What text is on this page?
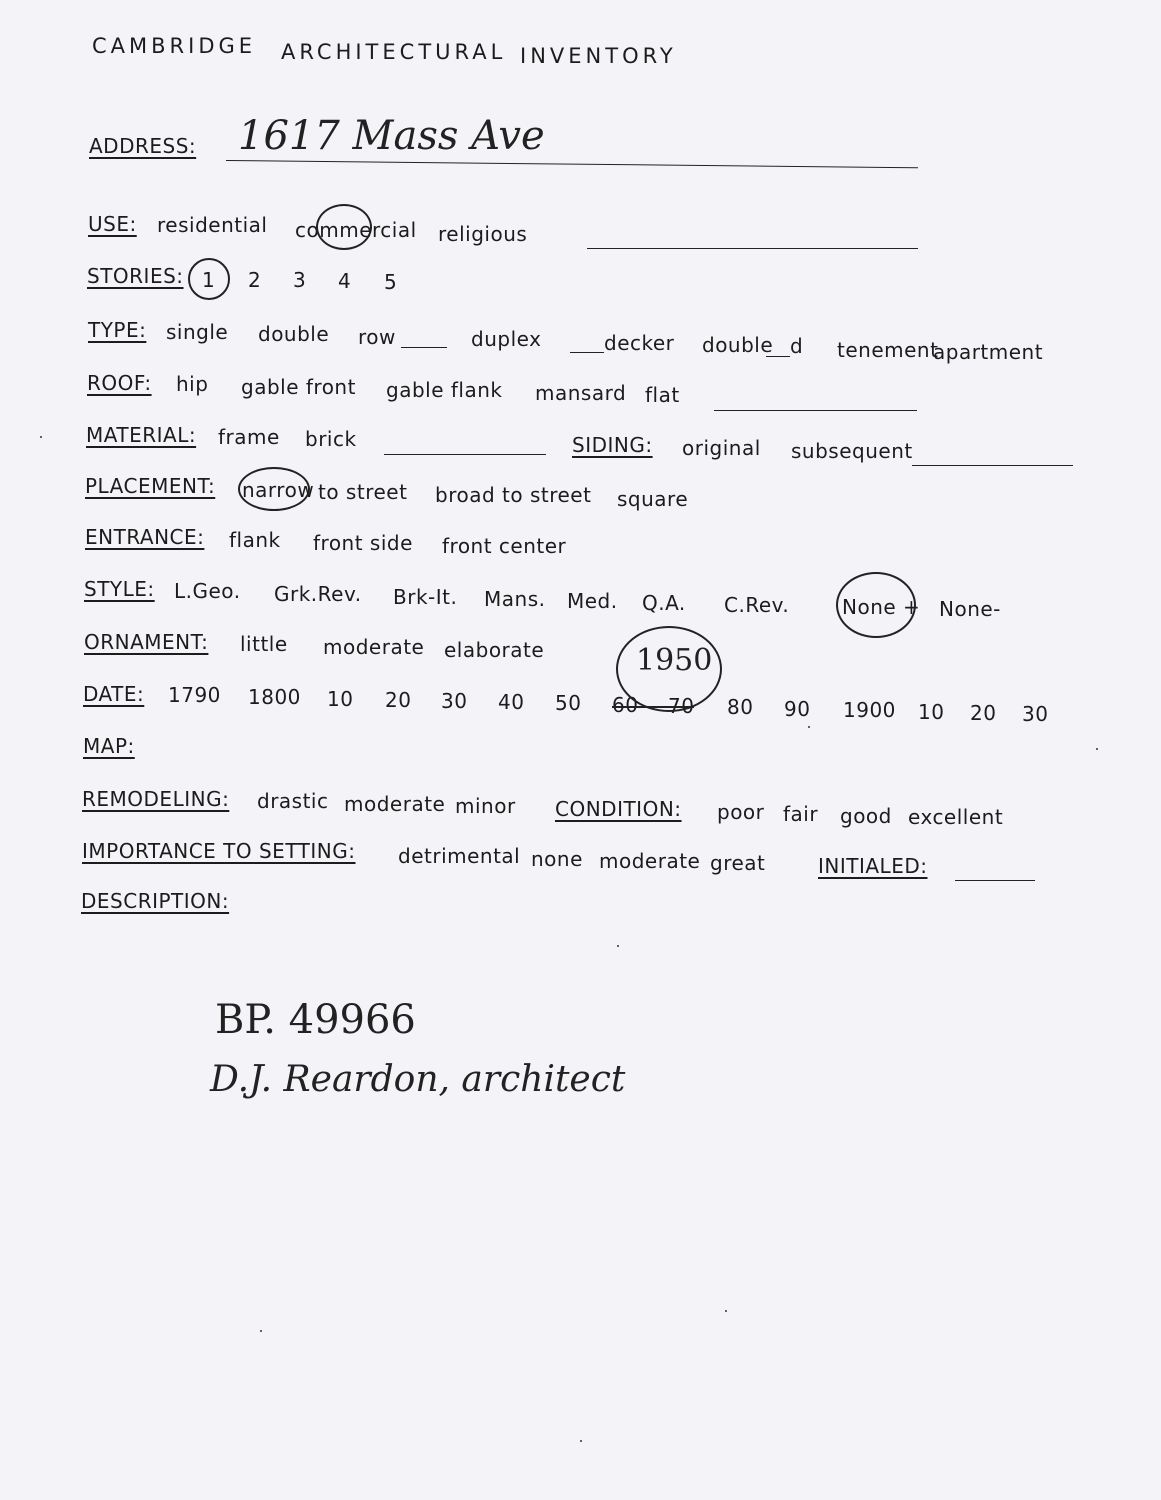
CAMBRIDGE ARCHITECTURAL INVENTORY
ADDRESS: 1617 Mass Ave
USE: residential commercial religious
STORIES: 1 2 3 4 5
TYPE: single double row	duplex	decker double d tenement
apartment
ROOF: hip gable front gable flank mansard flat
MATERIAL: frame brick	SIDING: original subsequent
PLACEMENT: narrow to street broad to street square
ENTRANCE: flank front side front center
STYLE: L.Geo. Grk.Rev. Brk-It. Mans. Med. Q.A. C.Rev.	None + None-
ORNAMENT: little moderate elaborate
DATE: 1790 1800 10 20 30 40 50 60 70
1950
80 90 1900 10 20 30
MAP:
REMODELING: drastic moderate minor CONDITION: poor fair good excellent
IMPORTANCE TO SETTING: detrimental none moderate great	INITIALED:
DESCRIPTION:
BP. 49966
D.J. Reardon, architect
